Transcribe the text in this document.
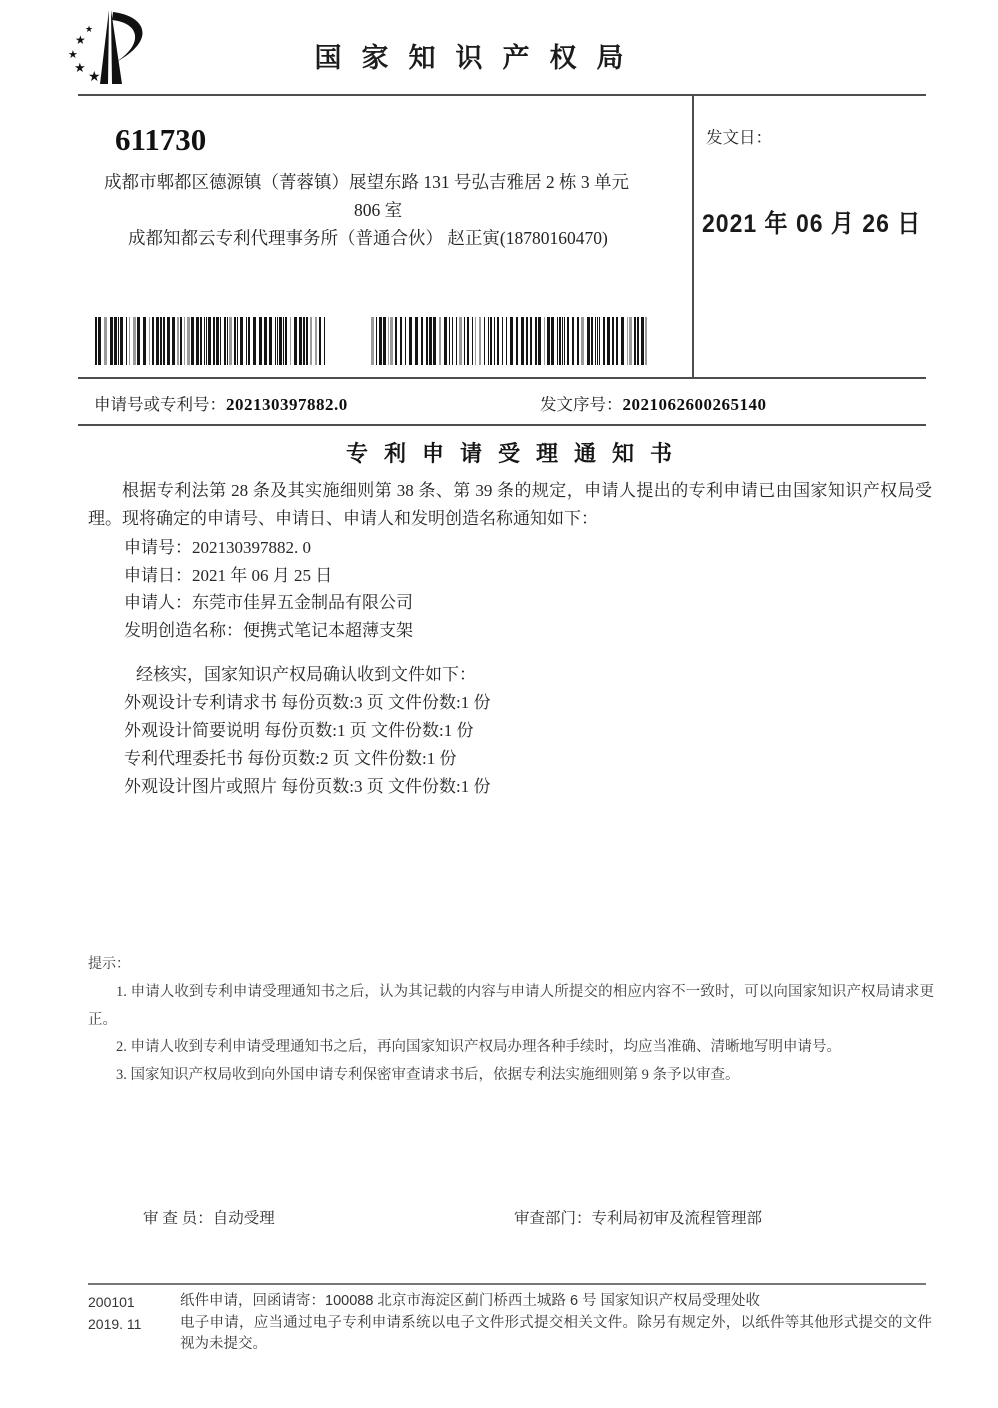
★
★
★
★
★
国家知识产权局
611730
成都市郫都区德源镇（菁蓉镇）展望东路 131 号弘吉雅居 2 栋 3 单元
806 室
成都知都云专利代理事务所（普通合伙） 赵正寅(18780160470)
发文日：
2021 年 06 月 26 日
申请号或专利号：202130397882.0	发文序号：2021062600265140
专利申请受理通知书
根据专利法第 28 条及其实施细则第 38 条、第 39 条的规定，申请人提出的专利申请已由国家知识产权局受理。现将确定的申请号、申请日、申请人和发明创造名称通知如下：
申请号：202130397882. 0
申请日：2021 年 06 月 25 日
申请人：东莞市佳昇五金制品有限公司
发明创造名称：便携式笔记本超薄支架
经核实，国家知识产权局确认收到文件如下：
外观设计专利请求书 每份页数:3 页 文件份数:1 份
外观设计简要说明 每份页数:1 页 文件份数:1 份
专利代理委托书 每份页数:2 页 文件份数:1 份
外观设计图片或照片 每份页数:3 页 文件份数:1 份
提示：

1. 申请人收到专利申请受理通知书之后，认为其记载的内容与申请人所提交的相应内容不一致时，可以向国家知识产权局请求更正。

2. 申请人收到专利申请受理通知书之后，再向国家知识产权局办理各种手续时，均应当准确、清晰地写明申请号。

3. 国家知识产权局收到向外国申请专利保密审查请求书后，依据专利法实施细则第 9 条予以审查。

审 查 员：自动受理	审查部门：专利局初审及流程管理部
200101
2019. 11

纸件申请，回函请寄：100088 北京市海淀区蓟门桥西土城路 6 号 国家知识产权局受理处收

电子申请，应当通过电子专利申请系统以电子文件形式提交相关文件。除另有规定外，以纸件等其他形式提交的文件视为未提交。
